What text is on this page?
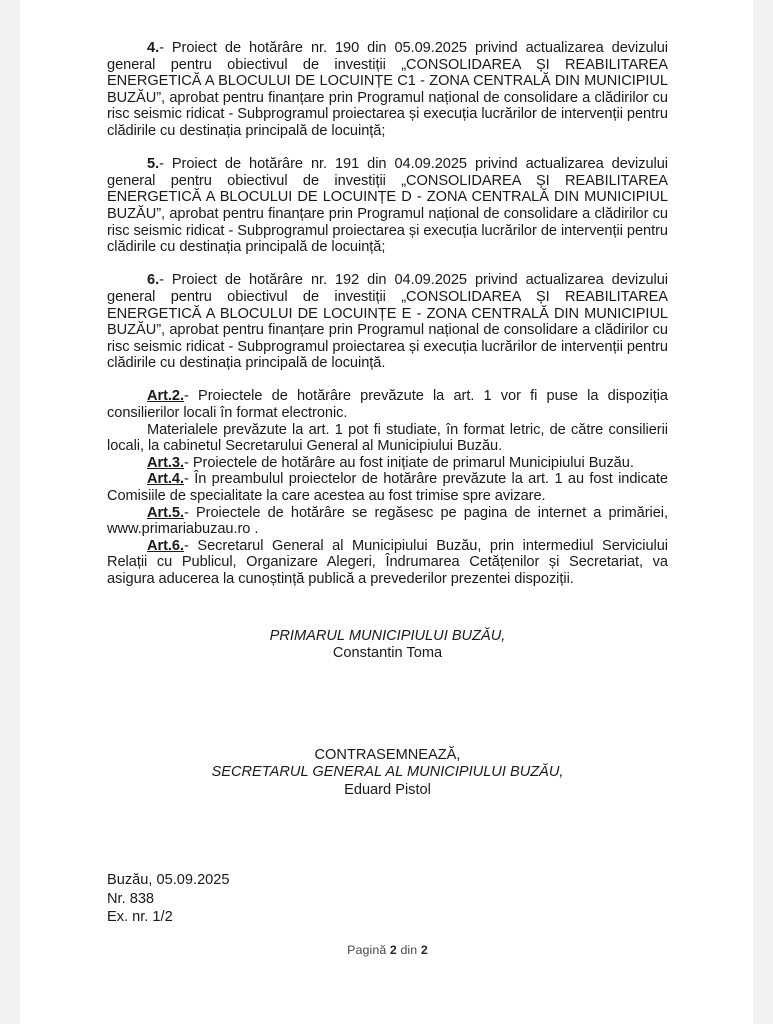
4.- Proiect de hotărâre nr. 190 din 05.09.2025 privind actualizarea devizului general pentru obiectivul de investiții „CONSOLIDAREA ȘI REABILITAREA ENERGETICĂ A BLOCULUI DE LOCUINȚE C1 - ZONA CENTRALĂ DIN MUNICIPIUL BUZĂU”, aprobat pentru finanțare prin Programul național de consolidare a clădirilor cu risc seismic ridicat - Subprogramul proiectarea și execuția lucrărilor de intervenții pentru clădirile cu destinația principală de locuință;

5.- Proiect de hotărâre nr. 191 din 04.09.2025 privind actualizarea devizului general pentru obiectivul de investiții „CONSOLIDAREA ȘI REABILITAREA ENERGETICĂ A BLOCULUI DE LOCUINȚE D - ZONA CENTRALĂ DIN MUNICIPIUL BUZĂU”, aprobat pentru finanțare prin Programul național de consolidare a clădirilor cu risc seismic ridicat - Subprogramul proiectarea și execuția lucrărilor de intervenții pentru clădirile cu destinația principală de locuință;

6.- Proiect de hotărâre nr. 192 din 04.09.2025 privind actualizarea devizului general pentru obiectivul de investiții „CONSOLIDAREA ȘI REABILITAREA ENERGETICĂ A BLOCULUI DE LOCUINȚE E - ZONA CENTRALĂ DIN MUNICIPIUL BUZĂU”, aprobat pentru finanțare prin Programul național de consolidare a clădirilor cu risc seismic ridicat - Subprogramul proiectarea și execuția lucrărilor de intervenții pentru clădirile cu destinația principală de locuință.

Art.2.- Proiectele de hotărâre prevăzute la art. 1 vor fi puse la dispoziția consilierilor locali în format electronic.

Materialele prevăzute la art. 1 pot fi studiate, în format letric, de către consilierii locali, la cabinetul Secretarului General al Municipiului Buzău.

Art.3.- Proiectele de hotărâre au fost inițiate de primarul Municipiului Buzău.

Art.4.- În preambulul proiectelor de hotărâre prevăzute la art. 1 au fost indicate Comisiile de specialitate la care acestea au fost trimise spre avizare.

Art.5.- Proiectele de hotărâre se regăsesc pe pagina de internet a primăriei, www.primariabuzau.ro .

Art.6.- Secretarul General al Municipiului Buzău, prin intermediul Serviciului Relații cu Publicul, Organizare Alegeri, Îndrumarea Cetățenilor și Secretariat, va asigura aducerea la cunoștință publică a prevederilor prezentei dispoziții.

PRIMARUL MUNICIPIULUI BUZĂU,

Constantin Toma

CONTRASEMNEAZĂ,

SECRETARUL GENERAL AL MUNICIPIULUI BUZĂU,

Eduard Pistol

Buzău, 05.09.2025

Nr. 838

Ex. nr. 1/2

Pagină 2 din 2
